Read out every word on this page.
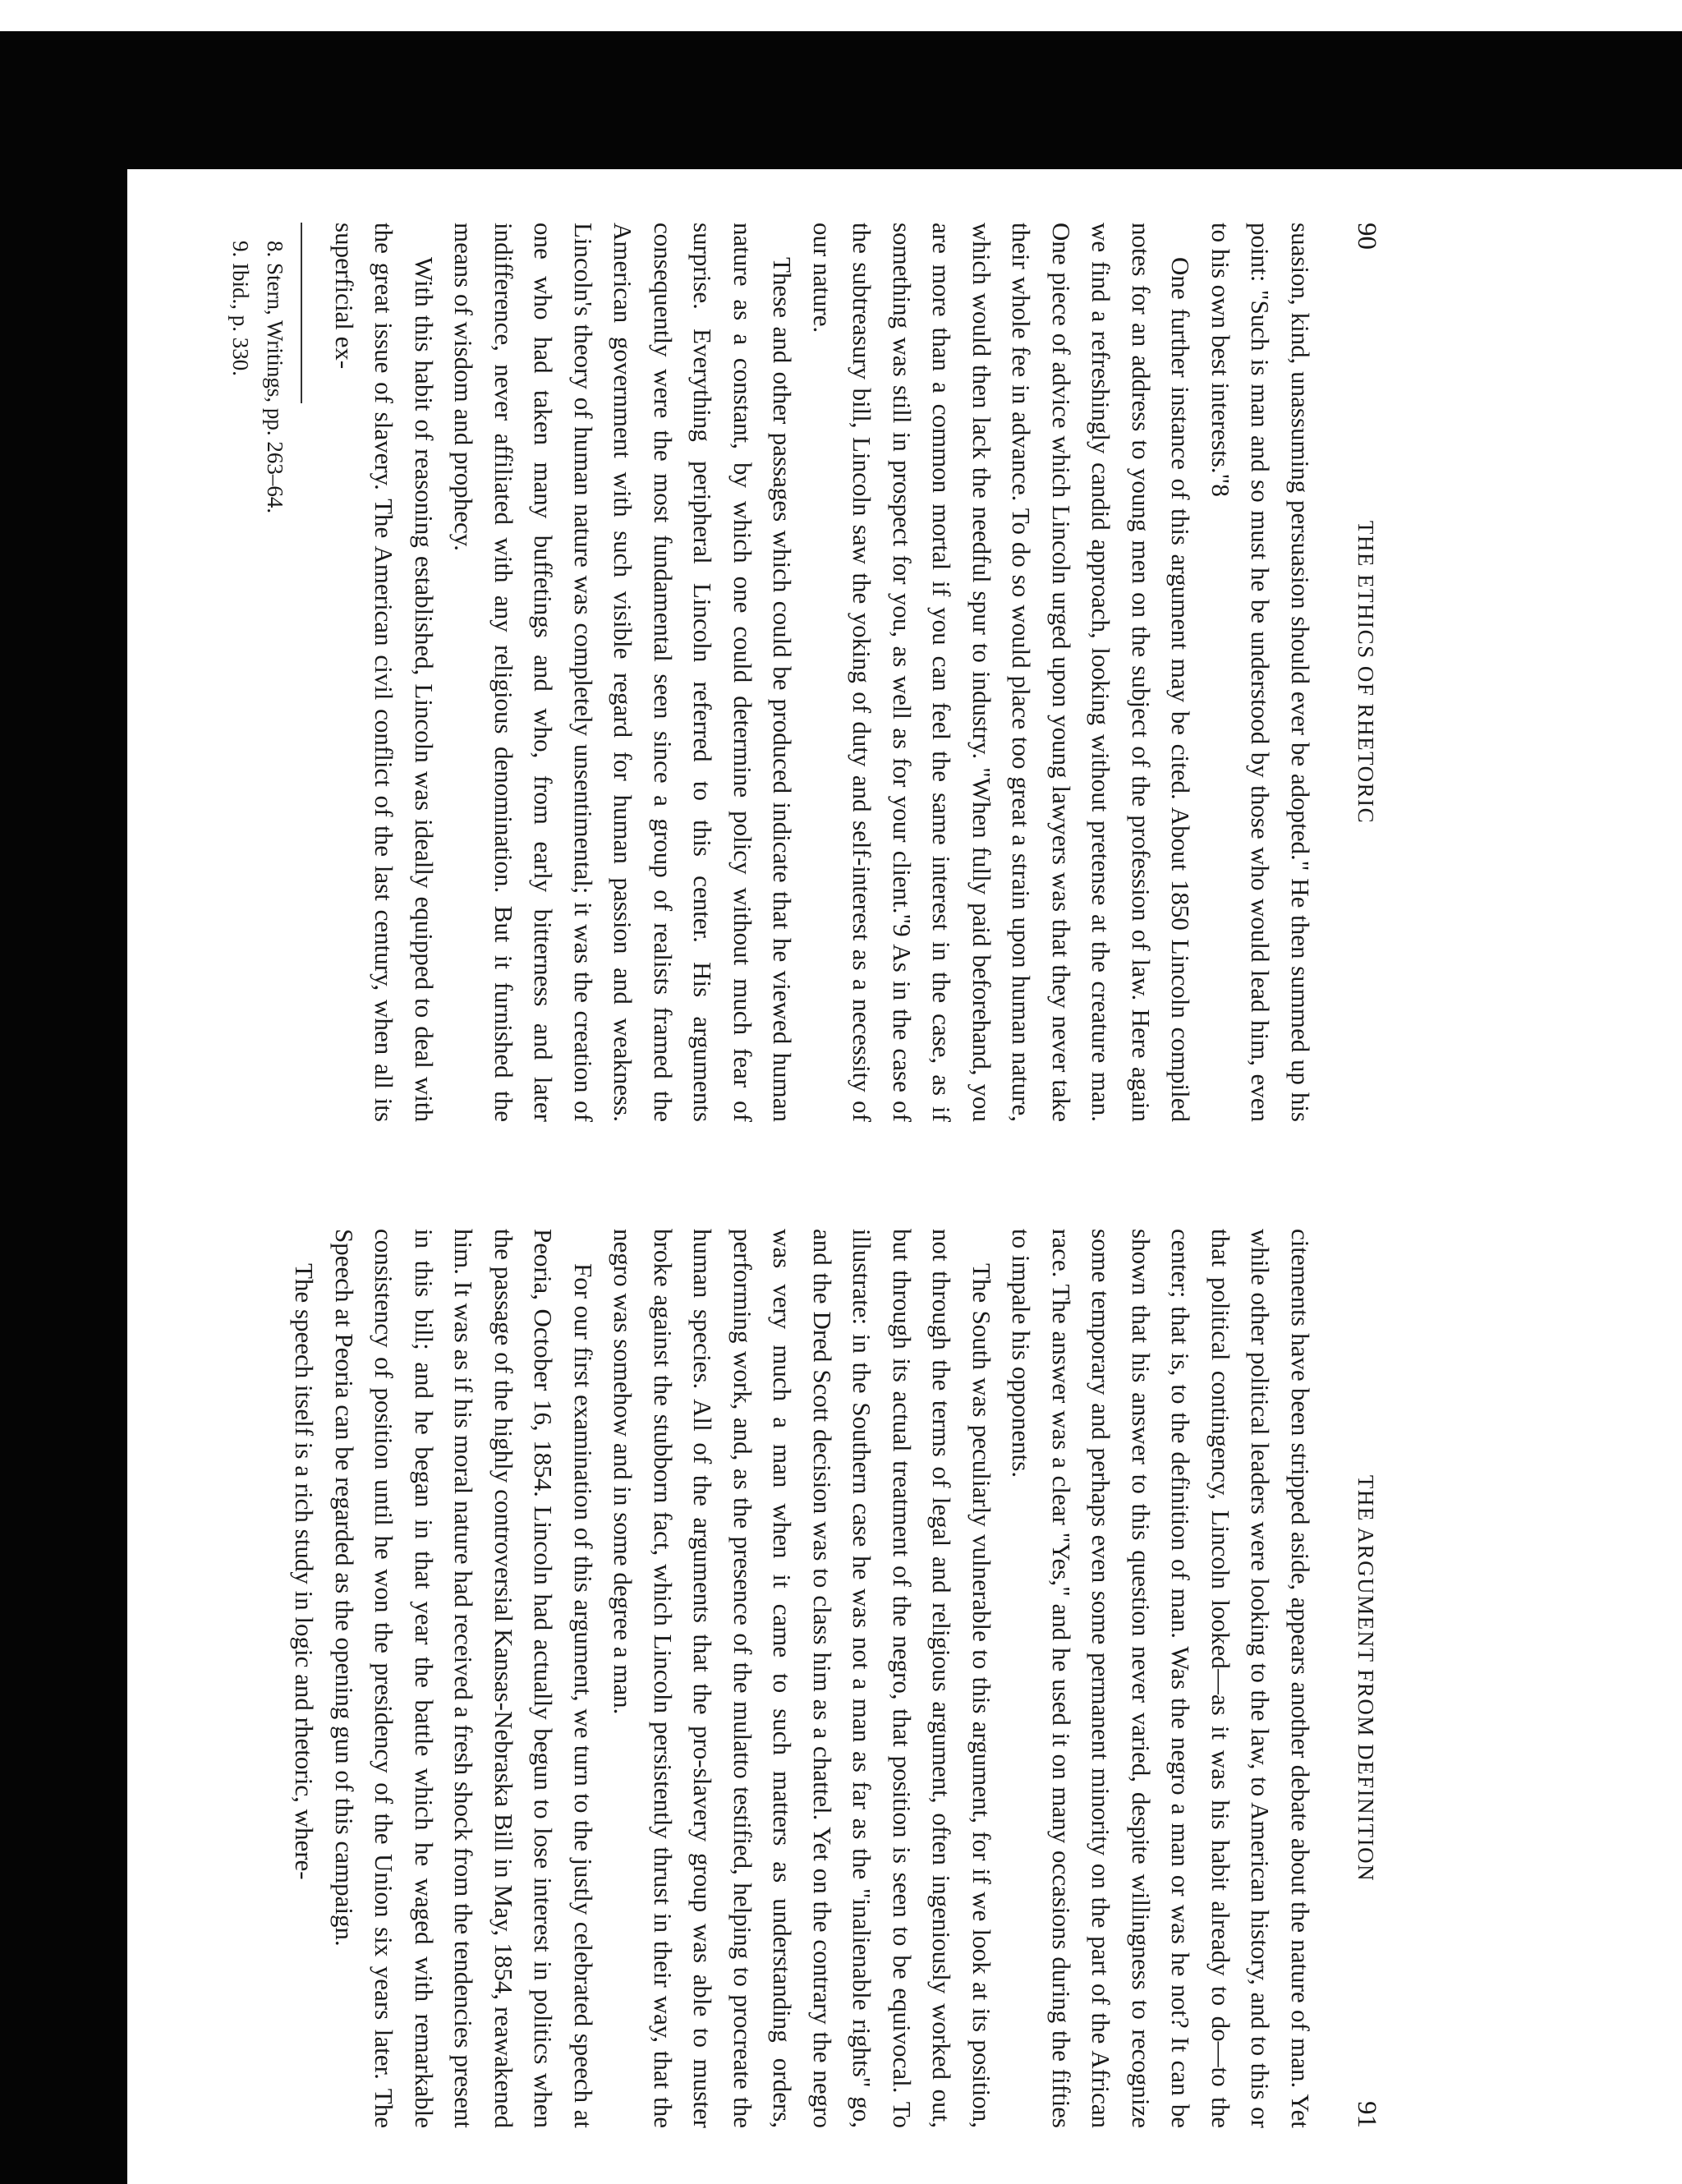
90
THE ETHICS OF RHETORIC

suasion, kind, unassuming persuasion should ever be adopted." He then summed up his point: "Such is man and so must he be understood by those who would lead him, even to his own best interests."8

One further instance of this argument may be cited. About 1850 Lincoln compiled notes for an address to young men on the subject of the profession of law. Here again we find a refreshingly candid approach, looking without pretense at the creature man. One piece of advice which Lincoln urged upon young lawyers was that they never take their whole fee in advance. To do so would place too great a strain upon human nature, which would then lack the needful spur to industry. "When fully paid beforehand, you are more than a common mortal if you can feel the same interest in the case, as if something was still in prospect for you, as well as for your client."9 As in the case of the subtreasury bill, Lincoln saw the yoking of duty and self-interest as a necessity of our nature.

These and other passages which could be produced indicate that he viewed human nature as a constant, by which one could determine policy without much fear of surprise. Everything peripheral Lincoln referred to this center. His arguments consequently were the most fundamental seen since a group of realists framed the American government with such visible regard for human passion and weakness. Lincoln's theory of human nature was completely unsentimental; it was the creation of one who had taken many buffetings and who, from early bitterness and later indifference, never affiliated with any religious denomination. But it furnished the means of wisdom and prophecy.

With this habit of reasoning established, Lincoln was ideally equipped to deal with the great issue of slavery. The American civil conflict of the last century, when all its superficial ex-

8. Stern, Writings, pp. 263–64.
9. Ibid., p. 330.
THE ARGUMENT FROM DEFINITION
91

citements have been stripped aside, appears another debate about the nature of man. Yet while other political leaders were looking to the law, to American history, and to this or that political contingency, Lincoln looked—as it was his habit already to do—to the center; that is, to the definition of man. Was the negro a man or was he not? It can be shown that his answer to this question never varied, despite willingness to recognize some temporary and perhaps even some permanent minority on the part of the African race. The answer was a clear "Yes," and he used it on many occasions during the fifties to impale his opponents.

The South was peculiarly vulnerable to this argument, for if we look at its position, not through the terms of legal and religious argument, often ingeniously worked out, but through its actual treatment of the negro, that position is seen to be equivocal. To illustrate: in the Southern case he was not a man as far as the "inalienable rights" go, and the Dred Scott decision was to class him as a chattel. Yet on the contrary the negro was very much a man when it came to such matters as understanding orders, performing work, and, as the presence of the mulatto testified, helping to procreate the human species. All of the arguments that the pro-slavery group was able to muster broke against the stubborn fact, which Lincoln persistently thrust in their way, that the negro was somehow and in some degree a man.

For our first examination of this argument, we turn to the justly celebrated speech at Peoria, October 16, 1854. Lincoln had actually begun to lose interest in politics when the passage of the highly controversial Kansas-Nebraska Bill in May, 1854, reawakened him. It was as if his moral nature had received a fresh shock from the tendencies present in this bill; and he began in that year the battle which he waged with remarkable consistency of position until he won the presidency of the Union six years later. The Speech at Peoria can be regarded as the opening gun of this campaign.

The speech itself is a rich study in logic and rhetoric, where-
